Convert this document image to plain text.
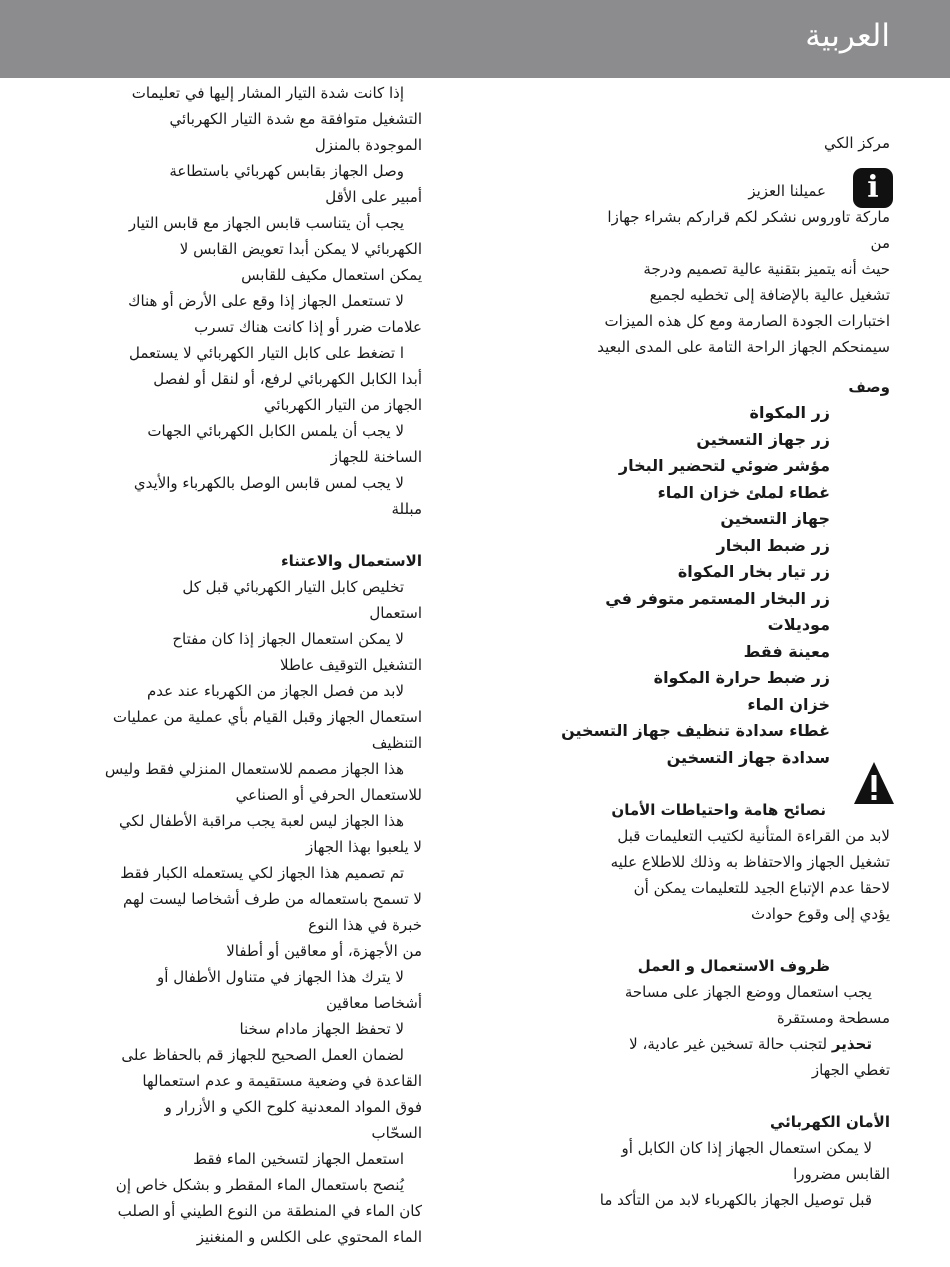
العربية
i

مركز الكي

عميلنا العزيز

ماركة تاوروس نشكر لكم قراركم بشراء جهازا

من

حيث أنه يتميز بتقنية عالية تصميم ودرجة

تشغيل عالية بالإضافة إلى تخطيه لجميع

اختبارات الجودة الصارمة ومع كل هذه الميزات

سيمنحكم الجهاز الراحة التامة على المدى البعيد

وصف

زر المكواة
زر جهاز التسخين
مؤشر ضوئي لتحضير البخار
غطاء لملئ خزان الماء
جهاز التسخين
زر ضبط البخار
زر تيار بخار المكواة
زر البخار المستمر متوفر في موديلات
معينة فقط
زر ضبط حرارة المكواة
خزان الماء
غطاء سدادة تنظيف جهاز التسخين
سدادة جهاز التسخين

نصائح هامة واحتياطات الأمان

لابد من القراءة المتأنية لكتيب التعليمات قبل

تشغيل الجهاز والاحتفاظ به وذلك للاطلاع عليه

لاحقا عدم الإتباع الجيد للتعليمات يمكن أن

يؤدي إلى وقوع حوادث

ظروف الاستعمال و العمل

يجب استعمال ووضع الجهاز على مساحة

مسطحة ومستقرة

تحذير لتجنب حالة تسخين غير عادية، لا

تغطي الجهاز

الأمان الكهربائي

لا يمكن استعمال الجهاز إذا كان الكابل أو

القابس مضرورا

قبل توصيل الجهاز بالكهرباء لابد من التأكد ما

إذا كانت شدة التيار المشار إليها في تعليمات

التشغيل متوافقة مع شدة التيار الكهربائي

الموجودة بالمنزل

وصل الجهاز بقابس كهربائي باستطاعة

أمبير على الأقل

يجب أن يتناسب قابس الجهاز مع قابس التيار

الكهربائي لا يمكن أبدا تعويض القابس لا

يمكن استعمال مكيف للقابس

لا تستعمل الجهاز إذا وقع على الأرض أو هناك

علامات ضرر أو إذا كانت هناك تسرب

ا تضغط على كابل التيار الكهربائي لا يستعمل

أبدا الكابل الكهربائي لرفع، أو لنقل أو لفصل

الجهاز من التيار الكهربائي

لا يجب أن يلمس الكابل الكهربائي الجهات

الساخنة للجهاز

لا يجب لمس قابس الوصل بالكهرباء والأيدي

مبللة

الاستعمال والاعتناء

تخليص كابل التيار الكهربائي قبل كل

استعمال

لا يمكن استعمال الجهاز إذا كان مفتاح

التشغيل التوقيف عاطلا

لابد من فصل الجهاز من الكهرباء عند عدم

استعمال الجهاز وقبل القيام بأي عملية من عمليات

التنظيف

هذا الجهاز مصمم للاستعمال المنزلي فقط وليس

للاستعمال الحرفي أو الصناعي

هذا الجهاز ليس لعبة يجب مراقبة الأطفال لكي

لا يلعبوا بهذا الجهاز

تم تصميم هذا الجهاز لكي يستعمله الكبار فقط

لا تسمح باستعماله من طرف أشخاصا ليست لهم

خبرة في هذا النوع

من الأجهزة، أو معاقين أو أطفالا

لا يترك هذا الجهاز في متناول الأطفال أو

أشخاصا معاقين

لا تحفظ الجهاز مادام سخنا

لضمان العمل الصحيح للجهاز قم بالحفاظ على

القاعدة في وضعية مستقيمة و عدم استعمالها

فوق المواد المعدنية كلوح الكي و الأزرار و

السحّاب

استعمل الجهاز لتسخين الماء فقط

يُنصح باستعمال الماء المقطر و بشكل خاص إن

كان الماء في المنطقة من النوع الطيني أو الصلب

الماء المحتوي على الكلس و المنغنيز
